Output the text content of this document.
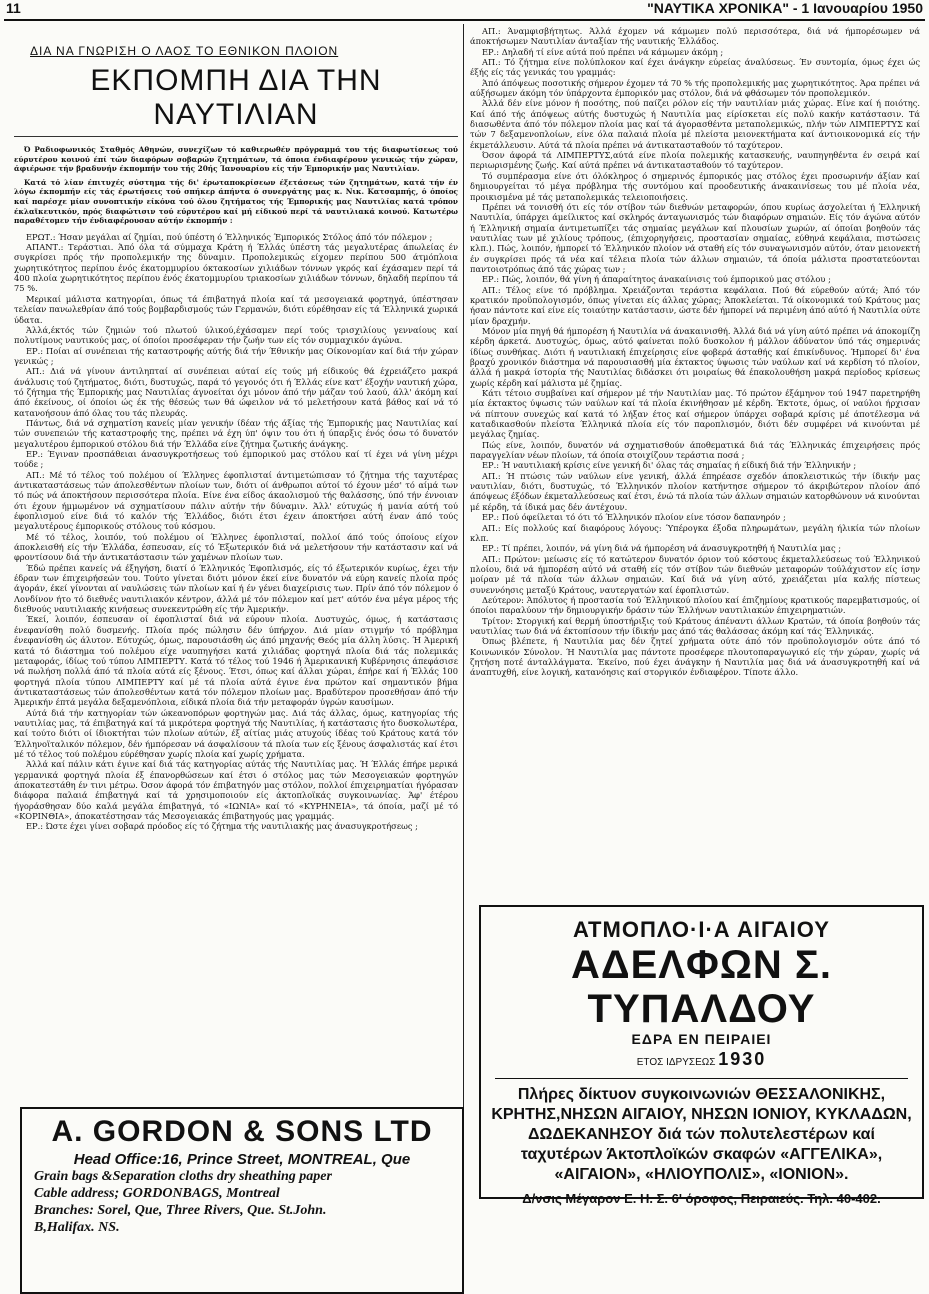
11	"ΝΑΥΤΙΚΑ ΧΡΟΝΙΚΑ" - 1 Ιανουαρίου 1950
ΔΙΑ ΝΑ ΓΝΩΡΙΣΗ Ο ΛΑΟΣ ΤΟ ΕΘΝΙΚΟΝ ΠΛΟΙΟΝ
ΕΚΠΟΜΠΗ ΔΙΑ ΤΗΝ ΝΑΥΤΙΛΙΑΝ

Ό Ραδιοφωνικός Σταθμός Αθηνών, συνεχίζων τό καθιερωθέν πρόγραμμά του τής διαφωτίσεως τού εύρυτέρου κοινού έπί τών διαφόρων σοβαρών ζητημάτων, τά όποια ένδιαφέρουν γενικώς τήν χώραν, άφιέρωσε τήν βραδυνήν έκπομπήν του τής 20ής Ίανουαρίου είς τήν Έμπορικήν μας Ναυτιλίαν.

Κατά τό λίαν έπιτυχές σύστημα τής δι' έρωταποκρίσεων έξετάσεως τών ζητημάτων, κατά τήν έν λόγω έκπομπήν είς τάς έρωτήσεις τού σπήκερ άπήντα ό συνεργάτης μας κ. Νικ. Κατσαμπής, ό όποίος καί παρέσχε μίαν συνοπτικήν είκόνα τού όλου ζητήματος τής Έμπορικής μας Ναυτιλίας κατά τρόπον έκλαϊκευτικόν, πρός διαφώτισιν τού εύρυτέρου καί μή είδικού περί τά ναυτιλιακά κοινού. Κατωτέρω παραθέτομεν τήν ένδιαφέρουσαν αύτήν έκπομπήν :

ΕΡΩΤ.: Ήσαν μεγάλαι αί ζημίαι, πού ύπέστη ό Έλληνικός Έμπορικός Στόλος άπό τόν πόλεμον ;

ΑΠΑΝΤ.: Τεράστιαι. Άπό όλα τά σύμμαχα Κράτη ή Έλλάς ύπέστη τάς μεγαλυτέρας άπωλείας έν συγκρίσει πρός τήν προπολεμικήν της δύναμιν. Προπολεμικώς είχομεν περίπου 500 άτμόπλοια χωρητικότητος περίπου ένός έκατομμυρίου όκτακοσίων χιλιάδων τόννων γκρός καί έχάσαμεν περί τά 400 πλοία χωρητικότητος περίπου ένός έκατομμυρίου τριακοσίων χιλιάδων τόννων, δηλαδή περίπου τά 75 %.

Μερικαί μάλιστα κατηγορίαι, όπως τά έπιβατηγά πλοία καί τά μεσογειακά φορτηγά, ύπέστησαν τελείαν πανωλεθρίαν άπό τούς βομβαρδισμούς τών Γερμανών, διότι εύρέθησαν είς τά Έλληνικά χωρικά ύδατα.

Άλλά,έκτός τών ζημιών τού πλωτού ύλικού,έχάσαμεν περί τούς τρισχιλίους γενναίους καί πολυτίμους ναυτικούς μας, οί όποίοι προσέφεραν τήν ζωήν των είς τόν συμμαχικόν άγώνα.

ΕΡ.: Ποίαι αί συνέπειαι τής καταστροφής αύτής διά τήν Έθνικήν μας Οίκονομίαν καί διά τήν χώραν γενικώς ;

ΑΠ.: Διά νά γίνουν άντιληπταί αί συνέπειαι αύταί είς τούς μή είδικούς θά έχρειάζετο μακρά άνάλυσις τού ζητήματος, διότι, δυστυχώς, παρά τό γεγονός ότι ή Έλλάς είνε κατ' έξοχήν ναυτική χώρα, τό ζήτημα τής Έμπορικής μας Ναυτιλίας άγνοείται όχι μόνον άπό τήν μάζαν τού λαού, άλλ' άκόμη καί άπό έκείνους, οί όποίοι ώς έκ τής θέσεώς των θά ώφειλον νά τό μελετήσουν κατά βάθος καί νά τό κατανοήσουν άπό όλας του τάς πλευράς.

Πάντως, διά νά σχηματίση κανείς μίαν γενικήν ίδέαν τής άξίας τής Έμπορικής μας Ναυτιλίας καί τών συνεπειών τής καταστροφής της, πρέπει νά έχη ύπ' όψιν του ότι ή ύπαρξις ένός όσω τό δυνατόν μεγαλυτέρου έμπορικού στόλου διά τήν Έλλάδα είνε ζήτημα ζωτικής άνάγκης.

ΕΡ.: Έγιναν προσπάθειαι άνασυγκροτήσεως τού έμπορικού μας στόλου καί τί έχει νά γίνη μέχρι τούδε ;

ΑΠ.: Μέ τό τέλος τού πολέμου οί Έλληνες έφοπλισταί άντιμετώπισαν τό ζήτημα τής ταχυτέρας άντικαταστάσεως τών άπολεσθέντων πλοίων των, διότι οί άνθρωποι αύτοί τό έχουν μέσ' τό αίμά των τό πώς νά άποκτήσουν περισσότερα πλοία. Είνε ένα είδος άκαολισμού τής θαλάσσης, ύπό τήν έννοιαν ότι έχουν ήμμωμένον νά σχηματίσουν πάλιν αύτήν τήν δύναμιν. Άλλ' εύτυχώς ή μανία αύτή τού έφοπλισμού είνε διά τό καλόν τής Έλλάδος, διότι έτσι έχειν άποκτήσει αύτή έναν άπό τούς μεγαλυτέρους έμπορικούς στόλους τού κόσμου.

Μέ τό τέλος, λοιπόν, τού πολέμου οί Έλληνες έφοπλισταί, πολλοί άπό τούς όποίους είχον άποκλεισθή είς τήν Έλλάδα, έσπευσαν, είς τό Έξωτερικόν διά νά μελετήσουν τήν κατάστασιν καί νά φροντίσουν διά τήν άντικατάστασιν τών χαμένων πλοίων των.

Έδώ πρέπει κανείς νά έξηγήση, διατί ό Έλληνικός Έφοπλισμός, είς τό έξωτερικόν κυρίως, έχει τήν έδραν των έπιχειρήσεών του. Τούτο γίνεται διότι μόνον έκεί είνε δυνατόν νά εύρη κανείς πλοία πρός άγοράν, έκεί γίνονται αί ναυλώσεις τών πλοίων καί ή έν γένει διαχείρισις των. Πρίν άπό τόν πόλεμον ό Λονδίνον ήτο τό διεθνές ναυτιλιακόν κέντρον, άλλά μέ τόν πόλεμον καί μετ' αύτόν ένα μέγα μέρος τής διεθνούς ναυτιλιακής κινήσεως συνεκεντρώθη είς τήν Άμερικήν.

Έκεί, λοιπόν, έσπευσαν οί έφοπλισταί διά νά εύρουν πλοία. Δυστυχώς, όμως, ή κατάστασις ένεφανίσθη πολύ δυσμενής. Πλοία πρός πώλησιν δέν ύπήρχον. Διά μίαν στιγμήν τό πρόβλημα ένεφανίσθη ώς άλυτον. Εύτυχώς, όμως, παρουσιάσθη ώς άπό μηχανής Θεός μία άλλη λύσις. Ή Άμερική κατά τό διάστημα τού πολέμου είχε ναυπηγήσει κατά χιλιάδας φορτηγά πλοία διά τάς πολεμικάς μεταφοράς, ίδίως τού τύπου ΛΙΜΠΕΡΤΥ. Κατά τό τέλος τού 1946 ή Άμερικανική Κυβέρνησις άπεφάσισε νά πωλήση πολλά άπό τά πλοία αύτά είς ξένους. Έτσι, όπως καί άλλαι χώραι, έπήρε καί ή Έλλάς 100 φορτηγά πλοία τύπου ΛΙΜΠΕΡΤΥ καί μέ τά πλοία αύτά έγινε ένα πρώτον καί σημαντικόν βήμα άντικαταστάσεως τών άπολεσθέντων κατά τόν πόλεμον πλοίων μας. Βραδύτερον προσεθήσαν άπό τήν Άμερικήν έπτά μεγάλα δεξαμενόπλοια, είδικά πλοία διά τήν μεταφοράν ύγρών καυσίμων.

Αύτά διά τήν κατηγορίαν τών ώκεανοπόρων φορτηγών μας. Διά τάς άλλας, όμως, κατηγορίας τής ναυτιλίας μας, τά έπιβατηγά καί τά μικρότερα φορτηγά τής Ναυτιλίας, ή κατάστασις ήτο δυσκολωτέρα, καί τούτο διότι οί ίδιοκτήται τών πλοίων αύτών, έξ αίτίας μιάς ατυχούς ίδέας τού Κράτους κατά τόν Έλληνοϊταλικόν πόλεμον, δέν ήμπόρεσαν νά άσφαλίσουν τά πλοία των είς ξένους άσφαλιστάς καί έτσι μέ τό τέλος τού πολέμου εύρέθησαν χωρίς πλοία καί χωρίς χρήματα.

Άλλά καί πάλιν κάτι έγινε καί διά τάς κατηγορίας αύτάς τής Ναυτιλίας μας. Ή Έλλάς έπήρε μερικά γερμανικά φορτηγά πλοία έξ έπανορθώσεων καί έτσι ό στόλος μας τών Μεσογειακών φορτηγών άποκατεστάθη έν τινι μέτρω. Όσον άφορά τόν έπιβατηγόν μας στόλον, πολλοί έπιχειρηματίαι ήγόρασαν διάφορα παλαιά έπιβατηγά καί τά χρησιμοποιούν είς άκτοπλοϊκάς συγκοινωνίας. Άφ' έτέρου ήγοράσθησαν δύο καλά μεγάλα έπιβατηγά, τό «ΙΩΝΙΑ» καί τό «ΚΥΡΗΝΕΙΑ», τά όποία, μαζί μέ τό «ΚΟΡΙΝΘΙΑ», άποκατέστησαν τάς Μεσογειακάς έπιβατηγούς μας γραμμάς.

ΕΡ.: Ώστε έχει γίνει σοβαρά πρόοδος είς τό ζήτημα τής ναυτιλιακής μας άνασυγκροτήσεως ;

ΑΠ.: Άναμφισβήτητως. Άλλά έχομεν νά κάμωμεν πολύ περισσότερα, διά νά ήμπορέσωμεν νά άποκτήσωμεν Ναυτιλίαν άνταξίαν τής ναυτικής Έλλάδος.

ΕΡ.: Δηλαδή τί είνε αύτά πού πρέπει νά κάμωμεν άκόμη ;

ΑΠ.: Τό ζήτημα είνε πολύπλοκον καί έχει άνάγκην εύρείας άναλύσεως. Έν συντομία, όμως έχει ώς έξής είς τάς γενικάς του γραμμάς:

Άπό άπόψεως ποσοτικής σήμερον έχομεν τά 70 % τής προπολεμικής μας χωρητικότητος. Άρα πρέπει νά αύξήσωμεν άκόμη τόν ύπάρχοντα έμπορικόν μας στόλον, διά νά φθάσωμεν τόν προπολεμικόν.

Άλλά δέν είνε μόνον ή ποσότης, πού παίζει ρόλον είς τήν ναυτιλίαν μιάς χώρας. Είνε καί ή ποιότης. Καί άπό τής άπόψεως αύτής δυστυχώς ή Ναυτιλία μας είρίσκεται είς πολύ κακήν κατάστασιν. Τά διασωθέντα άπό τόν πόλεμον πλοία μας καί τά άγορασθέντα μεταπολεμικώς, πλήν τών ΛΙΜΠΕΡΤΥΣ καί τών 7 δεξαμενοπλοίων, είνε όλα παλαιά πλοία μέ πλείστα μειονεκτήματα καί άντιοικονομικά είς τήν έκμετάλλευσιν. Αύτά τά πλοία πρέπει νά άντικατασταθούν τό ταχύτερον.

Όσον άφορά τά ΛΙΜΠΕΡΤΥΣ,αύτά είνε πλοία πολεμικής κατασκευής, ναυπηγηθέντα έν σειρά καί περιωρισμένης ζωής. Καί αύτά πρέπει νά άντικατασταθούν τό ταχύτερον.

Τό συμπέρασμα είνε ότι όλόκληρος ό σημερινός έμπορικός μας στόλος έχει προσωρινήν άξίαν καί δημιουργείται τό μέγα πρόβλημα τής συντόμου καί προοδευτικής άνακαινίσεως του μέ πλοία νέα, προικισμένα μέ τάς μεταπολεμικάς τελειοποιήσεις.

Πρέπει νά τονισθή ότι είς τόν στίβον τών διεθνών μεταφορών, όπου κυρίως άσχολείται ή Έλληνική Ναυτιλία, ύπάρχει άμείλικτος καί σκληρός άνταγωνισμός τών διαφόρων σημαιών. Είς τόν άγώνα αύτόν ή Έλληνική σημαία άντιμετωπίζει τάς σημαίας μεγάλων καί πλουσίων χωρών, αί όποίαι βοηθούν τάς ναυτιλίας των μέ χιλίους τρόπους, (έπιχορηγήσεις, προστασίαν σημαίας, εύθηνά κεφάλαια, πιστώσεις κλπ.). Πώς, λοιπόν, ήμπορεί τό Έλληνικόν πλοίον νά σταθή είς τόν συναγωνισμόν αύτόν, όταν μειονεκτή έν συγκρίσει πρός τά νέα καί τέλεια πλοία τών άλλων σημαιών, τά όποία μάλιστα προστατεύονται παντοιοτρόπως άπό τάς χώρας των ;

ΕΡ.: Πώς, λοιπόν, θά γίνη ή άπαραίτητος άνακαίνισις τού έμπορικού μας στόλου ;

ΑΠ.: Τέλος είνε τό πρόβλημα. Χρειάζονται τεράστια κεφάλαια. Πού θά εύρεθούν αύτά; Άπό τόν κρατικόν προϋπολογισμόν, όπως γίνεται είς άλλας χώρας; Άποκλείεται. Τά οίκονομικά τού Κράτους μας ήσαν πάντοτε καί είνε είς τοιαύτην κατάστασιν, ώστε δέν ήμπορεί νά περιμένη άπό αύτό ή Ναυτιλία ούτε μίαν δραχμήν.

Μόνον μία πηγή θά ήμπορέση ή Ναυτιλία νά άνακαινισθή. Άλλά διά νά γίνη αύτό πρέπει νά άποκομίζη κέρδη άρκετά. Δυστυχώς, όμως, αύτό φαίνεται πολύ δυσκολον ή μάλλον άδύνατον ύπό τάς σημερινάς ίδίως συνθήκας. Διότι ή ναυτιλιακή έπιχείρησις είνε φοβερά άσταθής καί έπικίνδυνος. Ήμπορεί δι' ένα βραχύ χρονικόν διάστημα νά παρουσιασθή μία έκτακτος ύψωσις τών ναύλων καί νά κερδίση τό πλοίον, άλλά ή μακρά ίστορία τής Ναυτιλίας διδάσκει ότι μοιραίως θά έπακολουθήση μακρά περίοδος κρίσεως χωρίς κέρδη καί μάλιστα μέ ζημίας.

Κάτι τέτοιο συμβαίνει καί σήμερον μέ τήν Ναυτιλίαν μας. Τό πρώτον έξάμηνον τού 1947 παρετηρήθη μία έκτακτος ύψωσις τών ναύλων καί τά πλοία έκινήθησαν μέ κέρδη. Έκτοτε, όμως, οί ναύλοι ήρχισαν νά πίπτουν συνεχώς καί κατά τό λήξαν έτος καί σήμερον ύπάρχει σοβαρά κρίσις μέ άποτέλεσμα νά καταδικασθούν πλείστα Έλληνικά πλοία είς τόν παροπλισμόν, διότι δέν συμφέρει νά κινούνται μέ μεγάλας ζημίας.

Πώς είνε, λοιπόν, δυνατόν νά σχηματισθούν άποθεματικά διά τάς Έλληνικάς έπιχειρήσεις πρός παραγγελίαν νέων πλοίων, τά όποία στοιχίζουν τεράστια ποσά ;

ΕΡ.: Ή ναυτιλιακή κρίσις είνε γενική δι' όλας τάς σημαίας ή είδική διά τήν Έλληνικήν ;

ΑΠ.: Ή πτώσις τών ναύλων είνε γενική, άλλά έπηρέασε σχεδόν άποκλειστικώς τήν ίδικήν μας ναυτιλίαν, διότι, δυστυχώς, τό Έλληνικόν πλοίον κατήντησε σήμερον τό άκριβώτερον πλοίον άπό άπόψεως έξόδων έκμεταλλεύσεως καί έτσι, ένώ τά πλοία τών άλλων σημαιών κατορθώνουν νά κινούνται μέ κέρδη, τά ίδικά μας δέν άντέχουν.

ΕΡ.: Πού όφείλεται τό ότι τό Έλληνικόν πλοίον είνε τόσον δαπανηρόν ;

ΑΠ.: Είς πολλούς καί διαφόρους λόγους: Ύπέρογκα έξοδα πληρωμάτων, μεγάλη ήλικία τών πλοίων κλπ.

ΕΡ.: Τί πρέπει, λοιπόν, νά γίνη διά νά ήμπορέση νά άνασυγκροτηθή ή Ναυτιλία μας ;

ΑΠ.: Πρώτον: μείωσις είς τό κατώτερον δυνατόν όριον τού κόστους έκμεταλλεύσεως τού Έλληνικού πλοίου, διά νά ήμπορέση αύτό νά σταθή είς τόν στίβον τών διεθνών μεταφορών τούλάχιστον είς ίσην μοίραν μέ τά πλοία τών άλλων σημαιών. Καί διά νά γίνη αύτό, χρειάζεται μία καλής πίστεως συνεννόησις μεταξύ Κράτους, ναυτεργατών καί έφοπλιστών.

Δεύτερον: Άπόλυτος ή προστασία τού Έλληνικού πλοίου καί έπιζημίους κρατικούς παρεμβατισμούς, οί όποίοι παραλύουν τήν δημιουργικήν δράσιν τών Έλλήνων ναυτιλιακών έπιχειρηματιών.

Τρίτον: Στοργική καί θερμή ύποστήριξις τού Κράτους άπέναντι άλλων Κρατών, τά όποία βοηθούν τάς ναυτιλίας των διά νά έκτοπίσουν τήν ίδικήν μας άπό τάς θαλάσσας άκόμη καί τάς Έλληνικάς.

Όπως βλέπετε, ή Ναυτιλία μας δέν ζητεί χρήματα ούτε άπό τόν προϋπολογισμόν ούτε άπό τό Κοινωνικόν Σύνολον. Ή Ναυτιλία μας πάντοτε προσέφερε πλουτοπαραγωγικό είς τήν χώραν, χωρίς νά ζητήση ποτέ άνταλλάγματα. Έκείνο, πού έχει άνάγκην ή Ναυτιλία μας διά νά άνασυγκροτηθή καί νά άναπτυχθή, είνε λογική, κατανόησις καί στοργικόν ένδιαφέρον. Τίποτε άλλο.

A. GORDON & SONS LTD
Head Office:16, Prince Street, MONTREAL, Que
Grain bags &Separation cloths dry sheathing paper
Cable address; GORDONBAGS, Montreal
Branches: Sorel, Que, Three Rivers, Que. St.John.
B,Halifax. NS.
ΑΤΜΟΠΛΟ·Ι·Α ΑΙΓΑΙΟΥ
ΑΔΕΛΦΩΝ Σ. ΤΥΠΑΛΔΟΥ
ΕΔΡΑ ΕΝ ΠΕΙΡΑΙΕΙ
ΕΤΟΣ ΙΔΡΥΣΕΩΣ 1930
Πλήρες δίκτυον συγκοινωνιών ΘΕΣΣΑΛΟΝΙΚΗΣ, ΚΡΗΤΗΣ,ΝΗΣΩΝ ΑΙΓΑΙΟΥ, ΝΗΣΩΝ ΙΟΝΙΟΥ, ΚΥΚΛΑΔΩΝ, ΔΩΔΕΚΑΝΗΣΟΥ διά τών πολυτελεστέρων καί ταχυτέρων Άκτοπλοϊκών σκαφών «ΑΓΓΕΛΙΚΑ», «ΑΙΓΑΙΟΝ», «ΗΛΙΟΥΠΟΛΙΣ», «ΙΟΝΙΟΝ».
Δ/νσις Μέγαρον Ε. Η. Σ. 6' όροφος, Πειραιεύς. Τηλ. 40-402.
